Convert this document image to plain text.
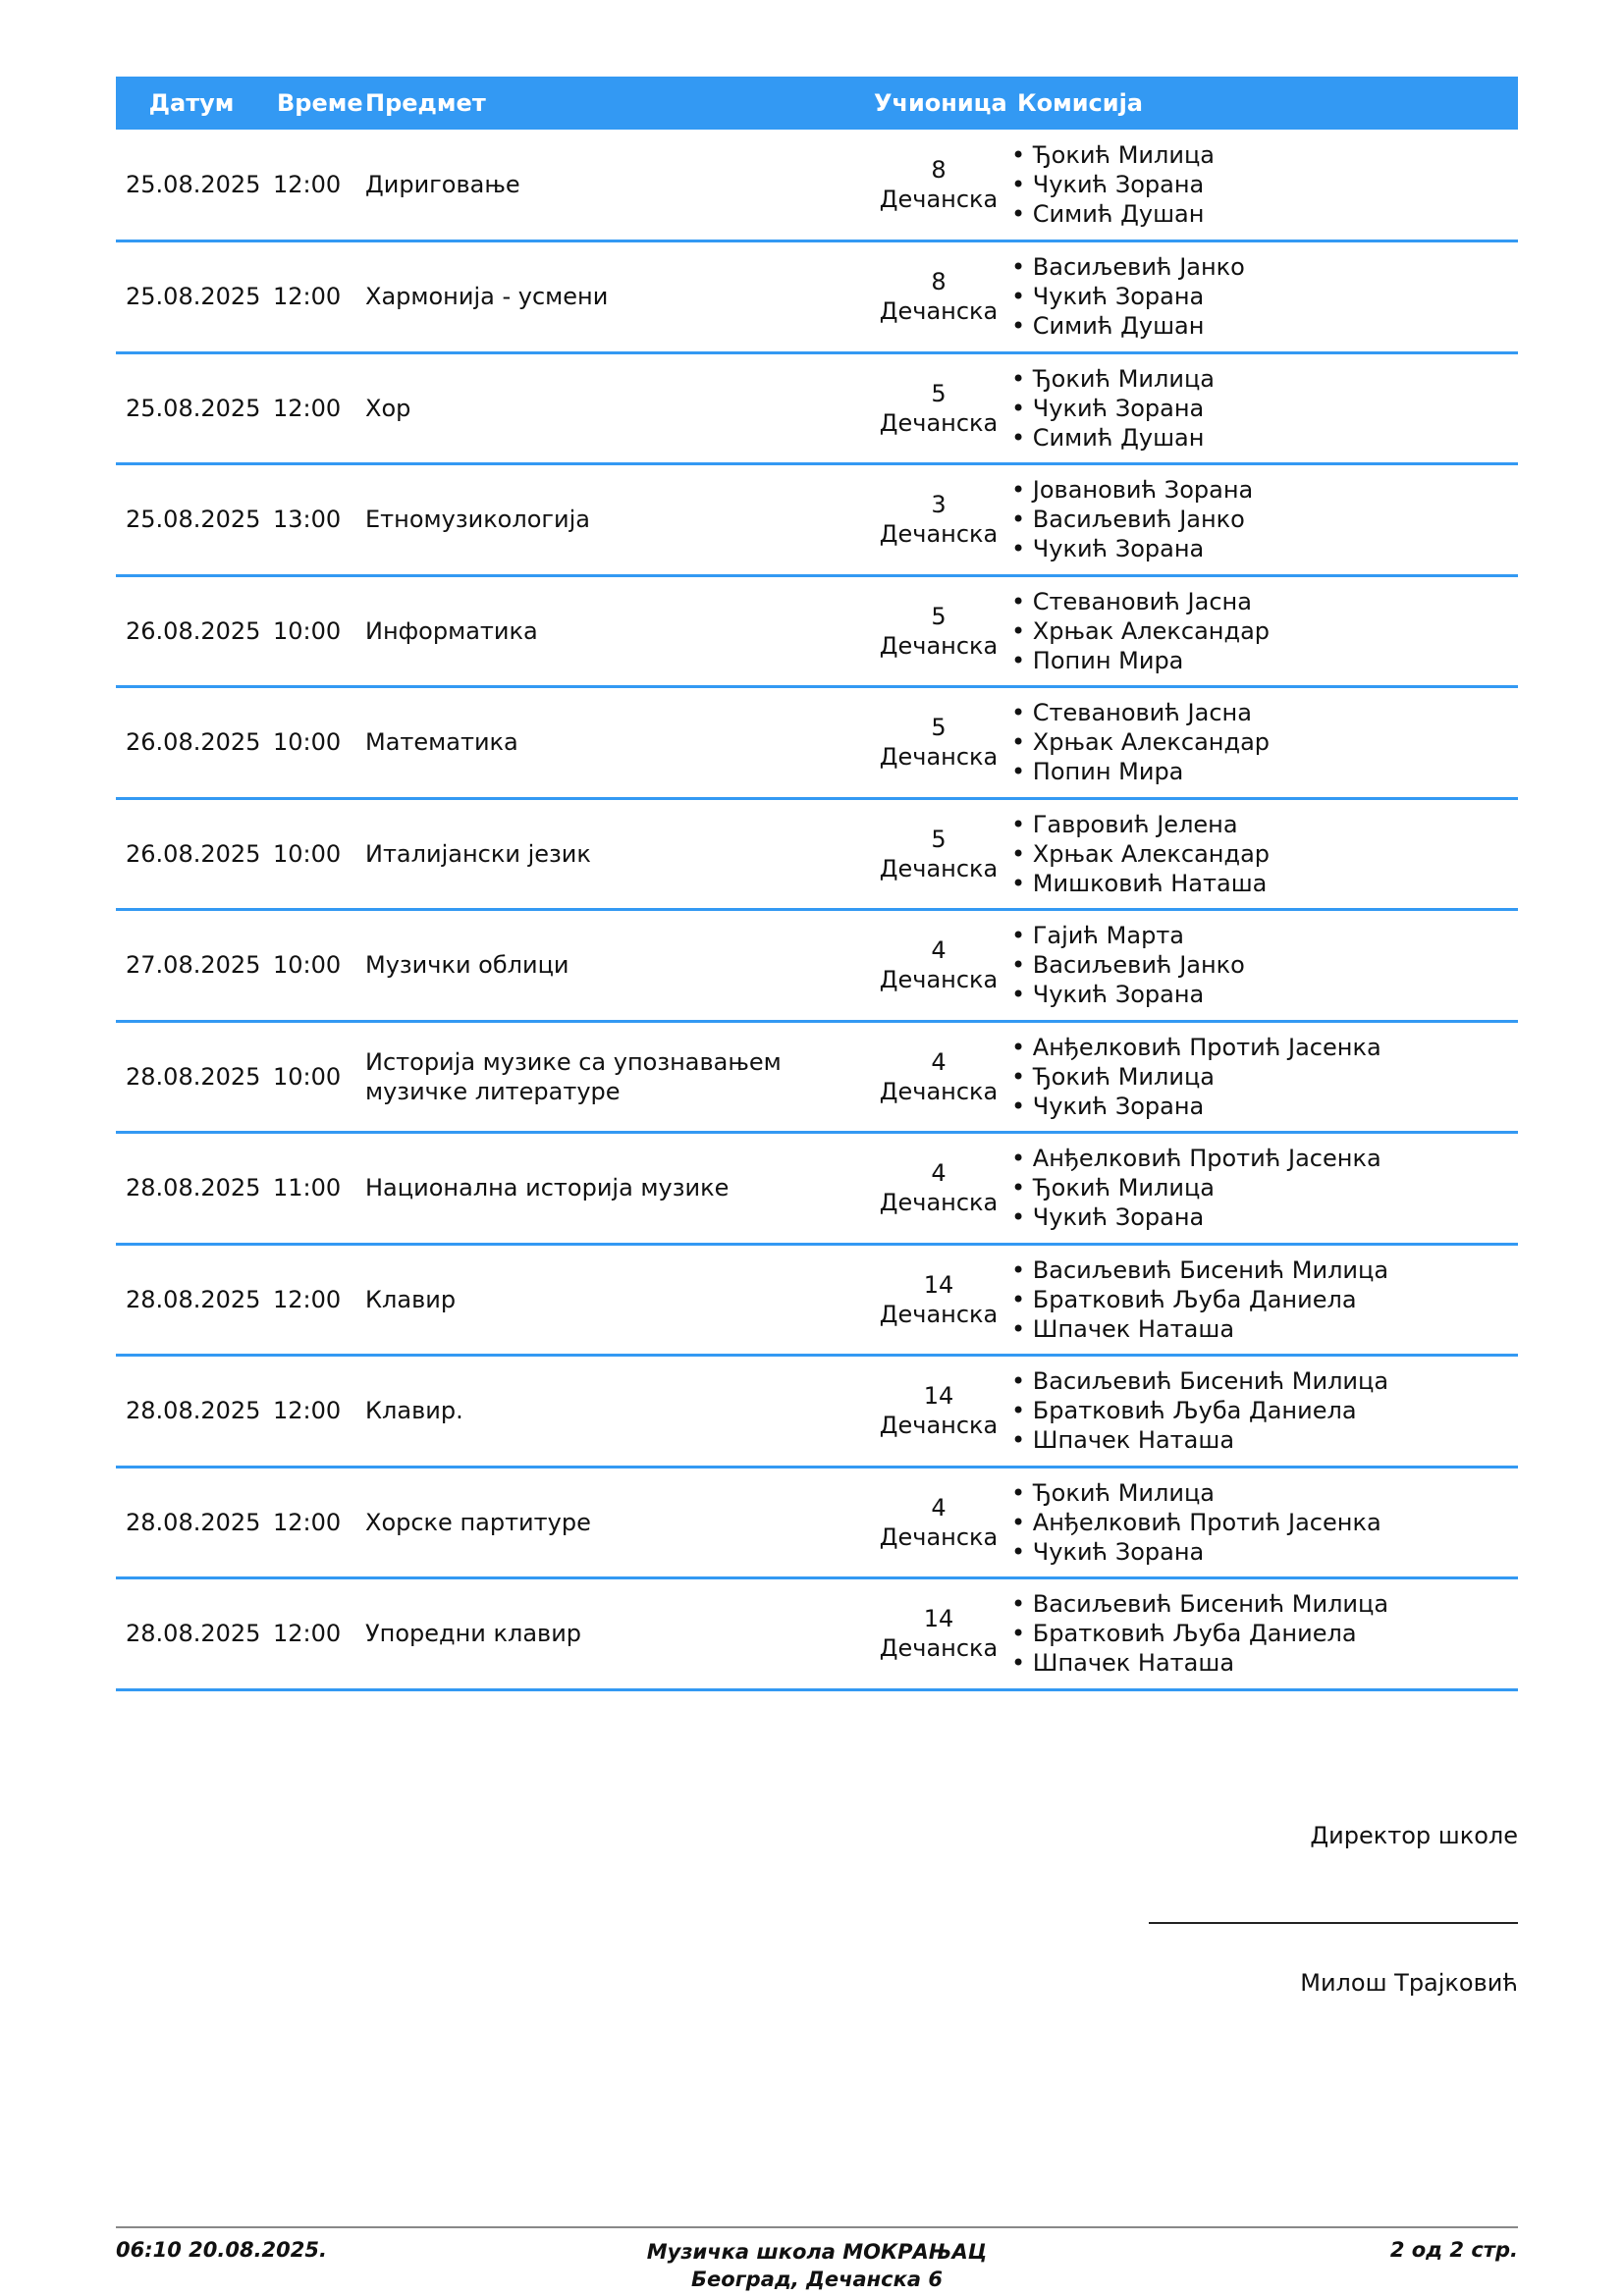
Датум	Време	Предмет	Учионица	Комисија
25.08.2025	12:00	Дириговање	8
Дечанска	• Ђокић Милица
• Чукић Зорана
• Симић Душан

25.08.2025	12:00	Хармонија - усмени	8
Дечанска	• Васиљевић Јанко
• Чукић Зорана
• Симић Душан

25.08.2025	12:00	Хор	5
Дечанска	• Ђокић Милица
• Чукић Зорана
• Симић Душан

25.08.2025	13:00	Етномузикологија	3
Дечанска	• Јовановић Зорана
• Васиљевић Јанко
• Чукић Зорана

26.08.2025	10:00	Информатика	5
Дечанска	• Стевановић Јасна
• Хрњак Александар
• Попин Мира

26.08.2025	10:00	Математика	5
Дечанска	• Стевановић Јасна
• Хрњак Александар
• Попин Мира

26.08.2025	10:00	Италијански језик	5
Дечанска	• Гавровић Јелена
• Хрњак Александар
• Мишковић Наташа

27.08.2025	10:00	Музички облици	4
Дечанска	• Гајић Марта
• Васиљевић Јанко
• Чукић Зорана

28.08.2025	10:00	Историја музике са упознавањем музичке литературе	4
Дечанска	• Анђелковић Протић Јасенка
• Ђокић Милица
• Чукић Зорана

28.08.2025	11:00	Национална историја музике	4
Дечанска	• Анђелковић Протић Јасенка
• Ђокић Милица
• Чукић Зорана

28.08.2025	12:00	Клавир	14
Дечанска	• Васиљевић Бисенић Милица
• Братковић Љуба Даниела
• Шпачек Наташа

28.08.2025	12:00	Клавир.	14
Дечанска	• Васиљевић Бисенић Милица
• Братковић Љуба Даниела
• Шпачек Наташа

28.08.2025	12:00	Хорске партитуре	4
Дечанска	• Ђокић Милица
• Анђелковић Протић Јасенка
• Чукић Зорана

28.08.2025	12:00	Упоредни клавир	14
Дечанска	• Васиљевић Бисенић Милица
• Братковић Љуба Даниела
• Шпачек Наташа
Директор школе
Милош Трајковић
06:10 20.08.2025.	Музичка школа МОКРАЊАЦ
Београд, Дечанска 6
2 од 2 стр.
